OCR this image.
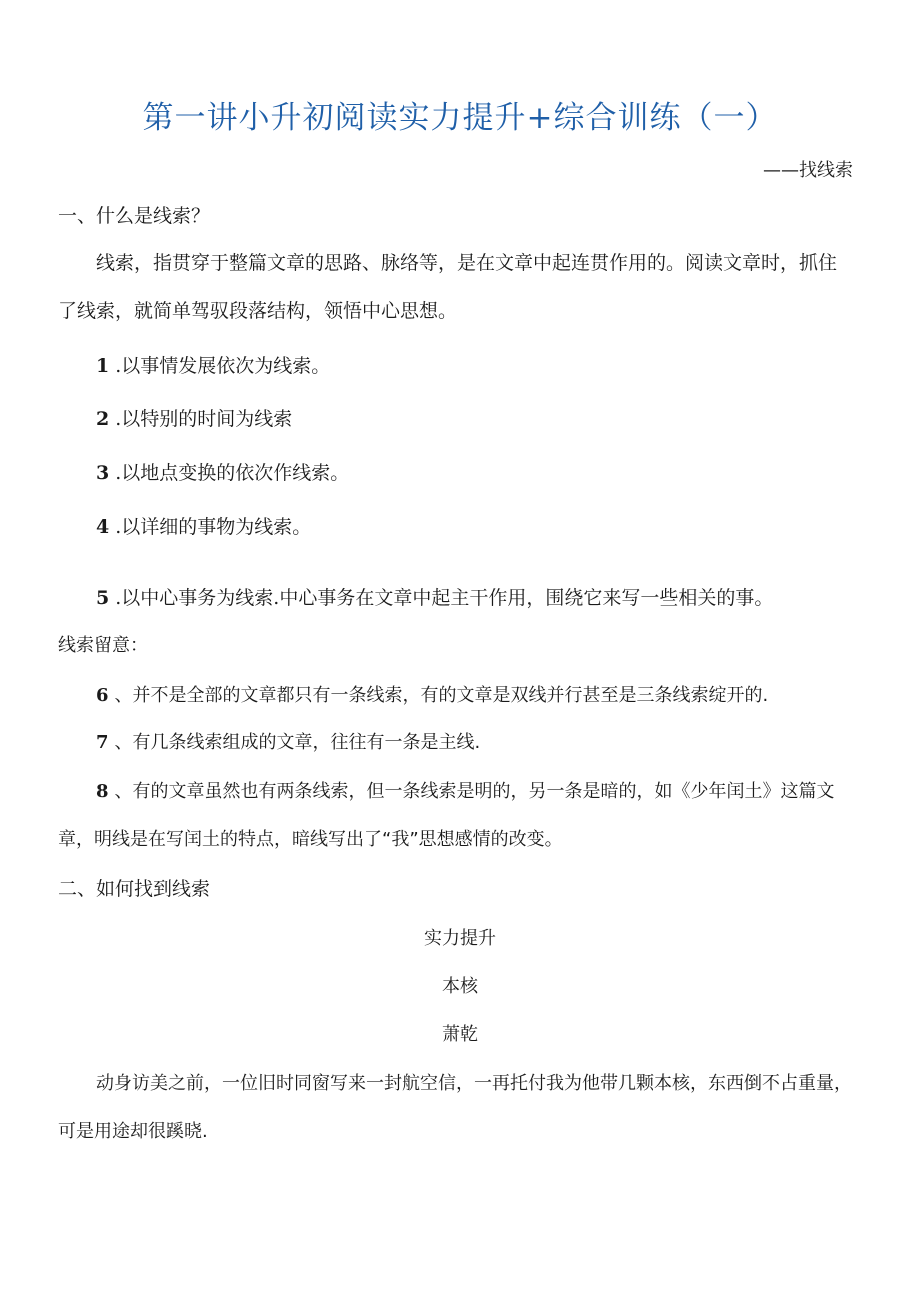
第一讲小升初阅读实力提升+综合训练（一）
——找线索
一、什么是线索？
线索，指贯穿于整篇文章的思路、脉络等，是在文章中起连贯作用的。阅读文章时，抓住
了线索，就简单驾驭段落结构，领悟中心思想。
1 .以事情发展依次为线索。
2 .以特别的时间为线索
3 .以地点变换的依次作线索。
4 .以详细的事物为线索。
5 .以中心事务为线索.中心事务在文章中起主干作用，围绕它来写一些相关的事。
线索留意：
6 、并不是全部的文章都只有一条线索，有的文章是双线并行甚至是三条线索绽开的.
7 、有几条线索组成的文章，往往有一条是主线.
8 、有的文章虽然也有两条线索，但一条线索是明的，另一条是暗的，如《少年闰土》这篇文
章，明线是在写闰土的特点，暗线写出了“我”思想感情的改变。
二、如何找到线索
实力提升
本核
萧乾
动身访美之前，一位旧时同窗写来一封航空信，一再托付我为他带几颗本核，东西倒不占重量，
可是用途却很蹊晓.
